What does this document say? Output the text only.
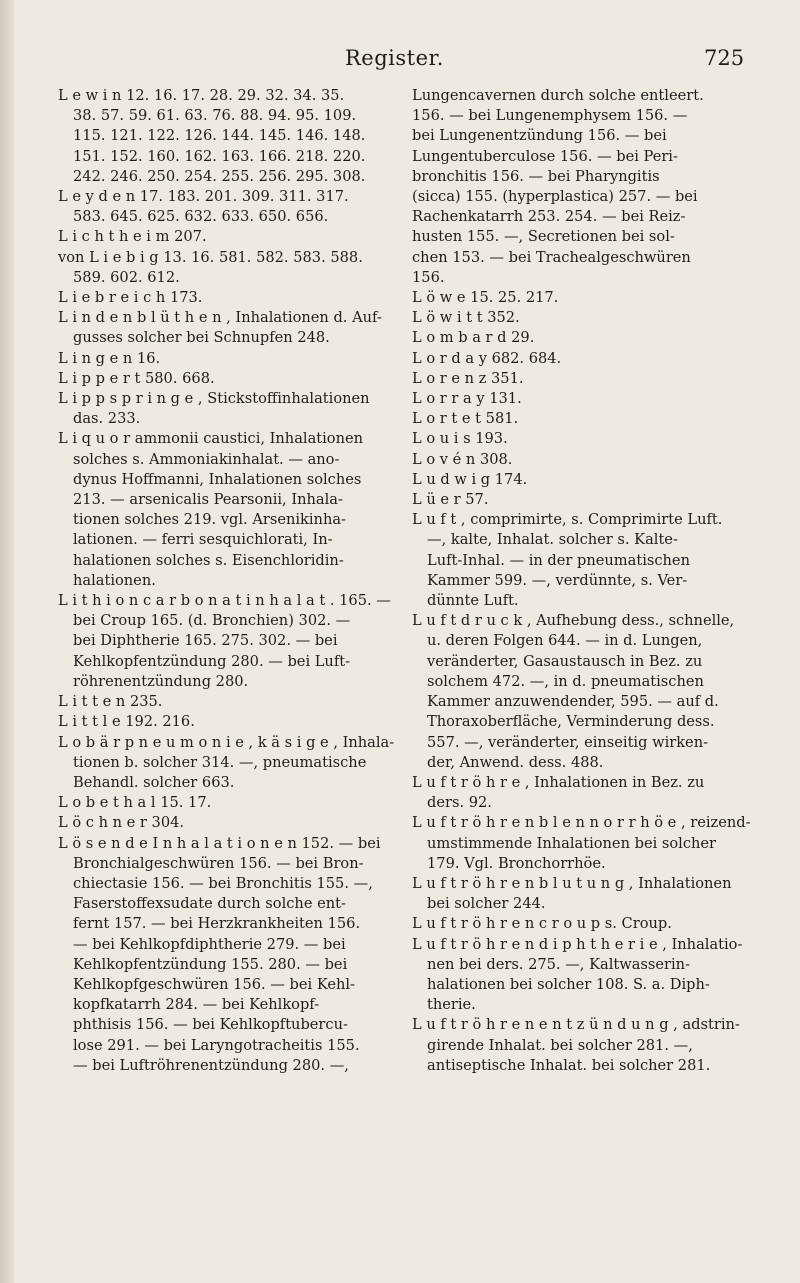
Register.	725
L e w i n 12. 16. 17. 28. 29. 32. 34. 35.
38. 57. 59. 61. 63. 76. 88. 94. 95. 109.
115. 121. 122. 126. 144. 145. 146. 148.
151. 152. 160. 162. 163. 166. 218. 220.
242. 246. 250. 254. 255. 256. 295. 308.
L e y d e n 17. 183. 201. 309. 311. 317.
583. 645. 625. 632. 633. 650. 656.
L i c h t h e i m 207.
von L i e b i g 13. 16. 581. 582. 583. 588.
589. 602. 612.
L i e b r e i c h 173.
L i n d e n b l ü t h e n , Inhalationen d. Auf-
gusses solcher bei Schnupfen 248.
L i n g e n 16.
L i p p e r t 580. 668.
L i p p s p r i n g e , Stickstoffinhalationen
das. 233.
L i q u o r ammonii caustici, Inhalationen
solches s. Ammoniakinhalat. — ano-
dynus Hoffmanni, Inhalationen solches
213. — arsenicalis Pearsonii, Inhala-
tionen solches 219. vgl. Arsenikinha-
lationen. — ferri sesquichlorati, In-
halationen solches s. Eisenchloridin-
halationen.
L i t h i o n c a r b o n a t i n h a l a t . 165. —
bei Croup 165. (d. Bronchien) 302. —
bei Diphtherie 165. 275. 302. — bei
Kehlkopfentzündung 280. — bei Luft-
röhrenentzündung 280.
L i t t e n 235.
L i t t l e 192. 216.
L o b ä r p n e u m o n i e , k ä s i g e , Inhala-
tionen b. solcher 314. —, pneumatische
Behandl. solcher 663.
L o b e t h a l 15. 17.
L ö c h n e r 304.
L ö s e n d e I n h a l a t i o n e n 152. — bei
Bronchialgeschwüren 156. — bei Bron-
chiectasie 156. — bei Bronchitis 155. —,
Faserstoffexsudate durch solche ent-
fernt 157. — bei Herzkrankheiten 156.
— bei Kehlkopfdiphtherie 279. — bei
Kehlkopfentzündung 155. 280. — bei
Kehlkopfgeschwüren 156. — bei Kehl-
kopfkatarrh 284. — bei Kehlkopf-
phthisis 156. — bei Kehlkopftubercu-
lose 291. — bei Laryngotracheitis 155.
— bei Luftröhrenentzündung 280. —,
Lungencavernen durch solche entleert.
156. — bei Lungenemphysem 156. —
bei Lungenentzündung 156. — bei
Lungentuberculose 156. — bei Peri-
bronchitis 156. — bei Pharyngitis
(sicca) 155. (hyperplastica) 257. — bei
Rachenkatarrh 253. 254. — bei Reiz-
husten 155. —, Secretionen bei sol-
chen 153. — bei Trachealgeschwüren
156.
L ö w e 15. 25. 217.
L ö w i t t 352.
L o m b a r d 29.
L o r d a y 682. 684.
L o r e n z 351.
L o r r a y 131.
L o r t e t 581.
L o u i s 193.
L o v é n 308.
L u d w i g 174.
L ü e r 57.
L u f t , comprimirte, s. Comprimirte Luft.
—, kalte, Inhalat. solcher s. Kalte-
Luft-Inhal. — in der pneumatischen
Kammer 599. —, verdünnte, s. Ver-
dünnte Luft.
L u f t d r u c k , Aufhebung dess., schnelle,
u. deren Folgen 644. — in d. Lungen,
veränderter, Gasaustausch in Bez. zu
solchem 472. —, in d. pneumatischen
Kammer anzuwendender, 595. — auf d.
Thoraxoberfläche, Verminderung dess.
557. —, veränderter, einseitig wirken-
der, Anwend. dess. 488.
L u f t r ö h r e , Inhalationen in Bez. zu
ders. 92.
L u f t r ö h r e n b l e n n o r r h ö e , reizend-
umstimmende Inhalationen bei solcher
179. Vgl. Bronchorrhöe.
L u f t r ö h r e n b l u t u n g , Inhalationen
bei solcher 244.
L u f t r ö h r e n c r o u p s. Croup.
L u f t r ö h r e n d i p h t h e r i e , Inhalatio-
nen bei ders. 275. —, Kaltwasserin-
halationen bei solcher 108. S. a. Diph-
therie.
L u f t r ö h r e n e n t z ü n d u n g , adstrin-
girende Inhalat. bei solcher 281. —,
antiseptische Inhalat. bei solcher 281.
